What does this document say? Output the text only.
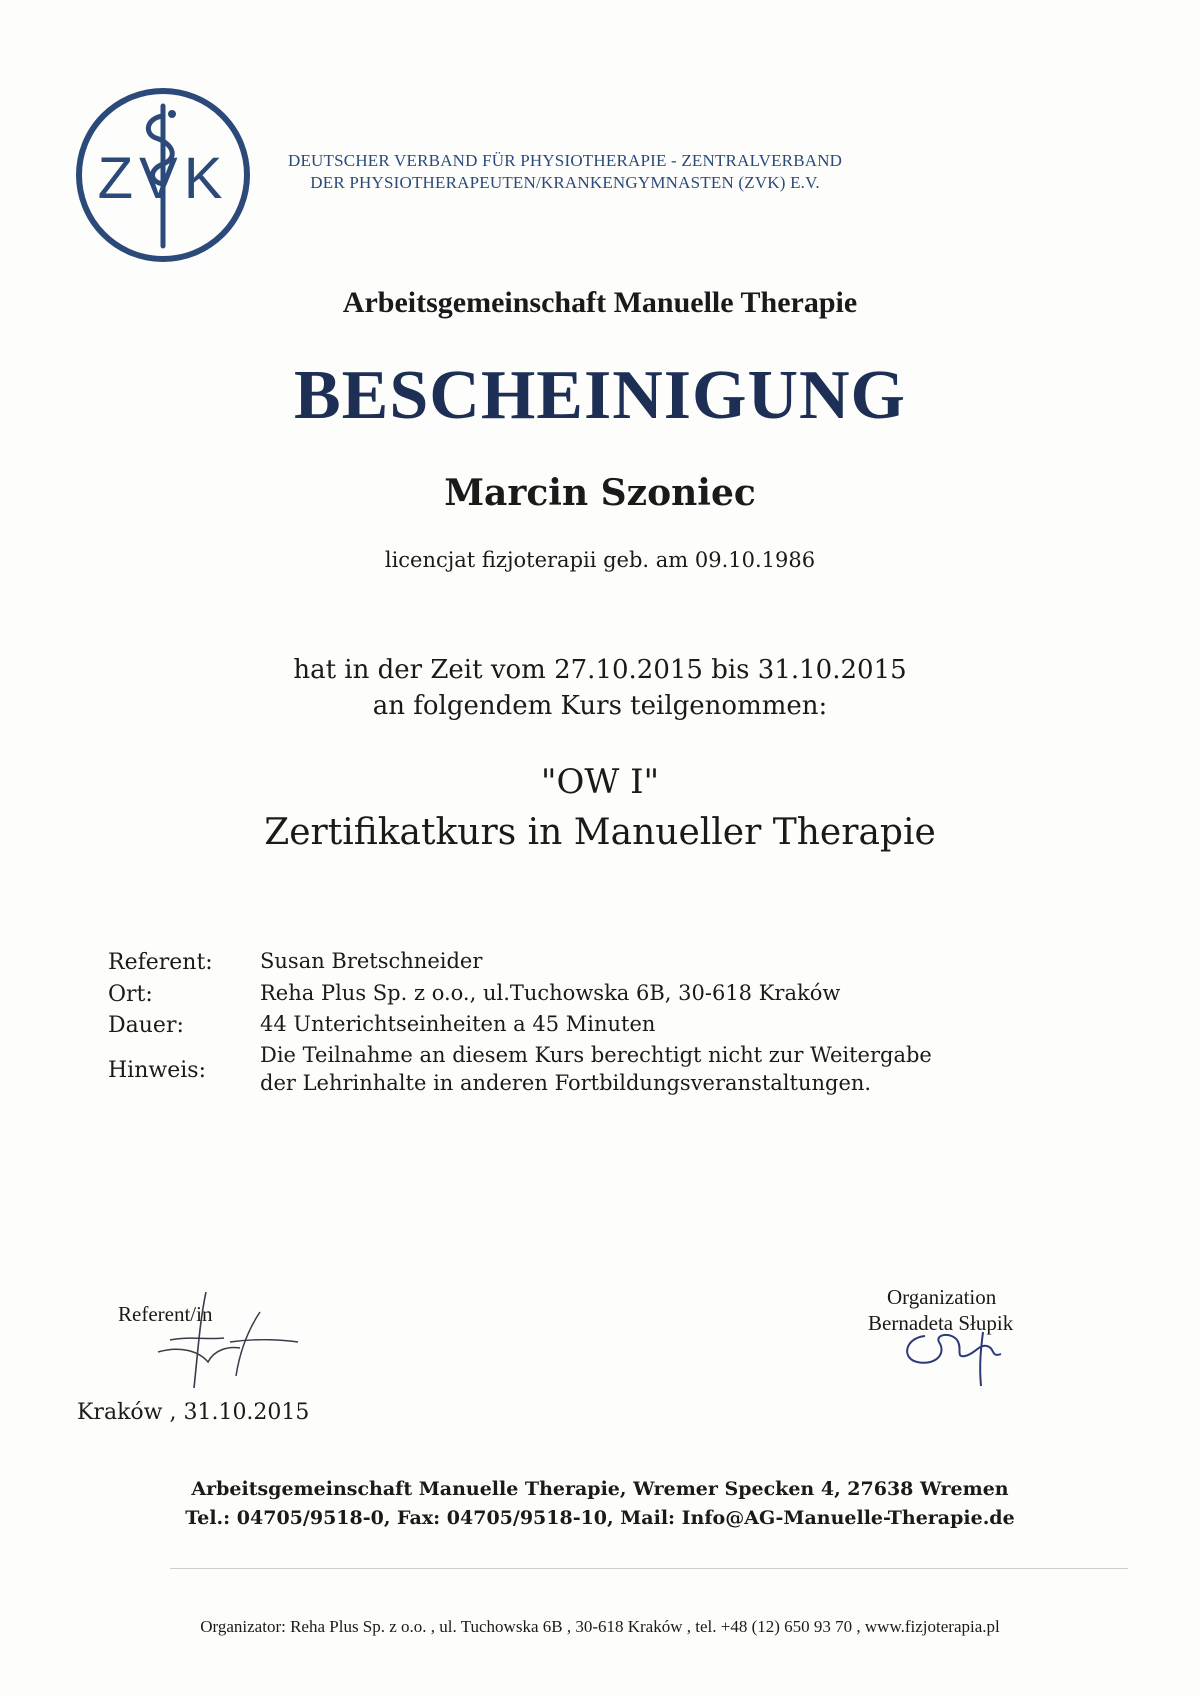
ZVK	DEUTSCHER VERBAND FÜR PHYSIOTHERAPIE - ZENTRALVERBAND
DER PHYSIOTHERAPEUTEN/KRANKENGYMNASTEN (ZVK) E.V.
Arbeitsgemeinschaft Manuelle Therapie
BESCHEINIGUNG
Marcin Szoniec
licencjat fizjoterapii geb. am 09.10.1986
hat in der Zeit vom 27.10.2015 bis 31.10.2015
an folgendem Kurs teilgenommen:
"OW I"
Zertifikatkurs in Manueller Therapie
Referent: Susan Bretschneider
Ort:	Reha Plus Sp. z o.o., ul.Tuchowska 6B, 30-618 Kraków
Dauer:	44 Unterichtseinheiten a 45 Minuten
Hinweis:
Die Teilnahme an diesem Kurs berechtigt nicht zur Weitergabe
der Lehrinhalte in anderen Fortbildungsveranstaltungen.
Referent/in
Kraków , 31.10.2015
Organization
Bernadeta Słupik
Arbeitsgemeinschaft Manuelle Therapie, Wremer Specken 4, 27638 Wremen
Tel.: 04705/9518-0, Fax: 04705/9518-10, Mail: Info@AG-Manuelle-Therapie.de
Organizator: Reha Plus Sp. z o.o. , ul. Tuchowska 6B , 30-618 Kraków , tel. +48 (12) 650 93 70 , www.fizjoterapia.pl
